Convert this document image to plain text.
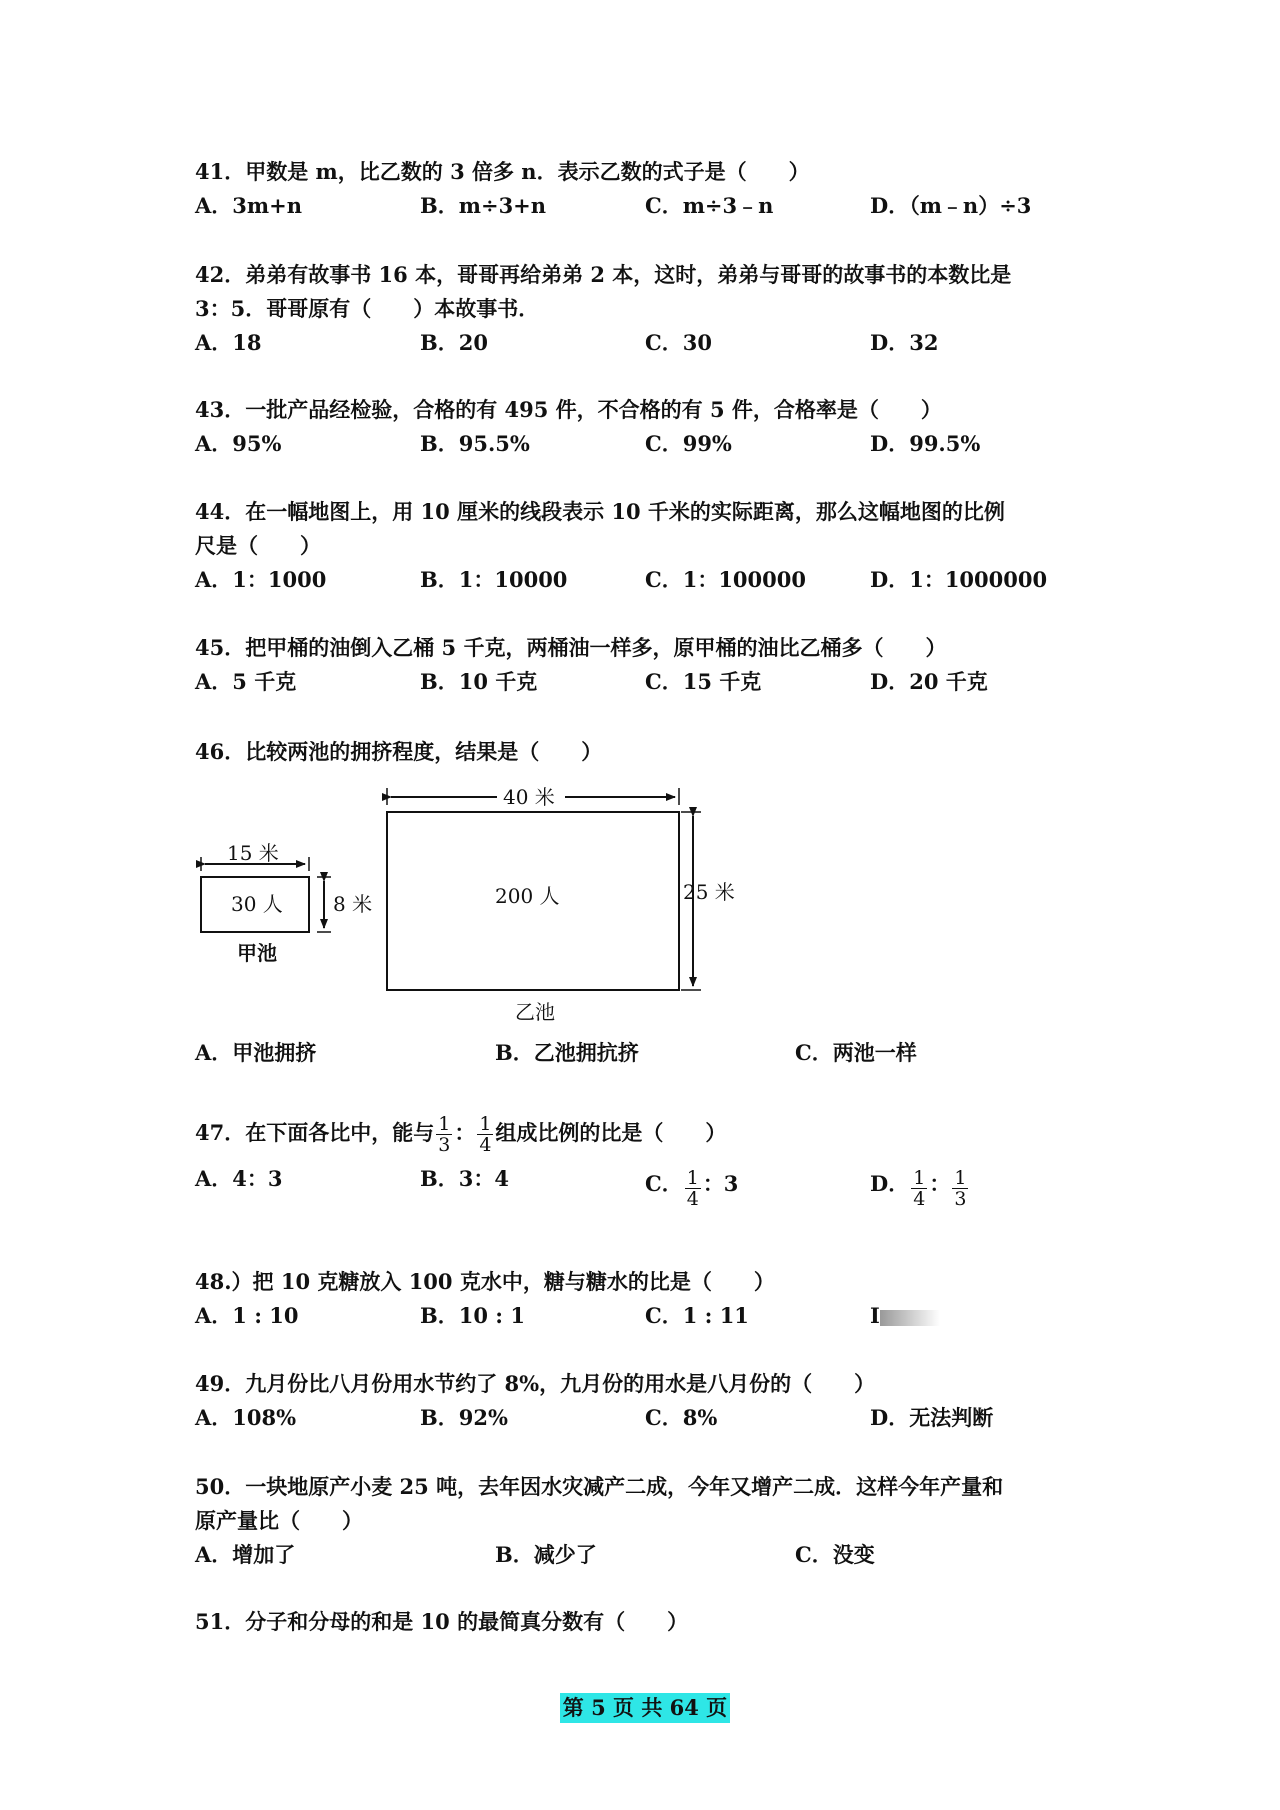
41．甲数是 m，比乙数的 3 倍多 n．表示乙数的式子是（　　）
A．3m+n	B．m÷3+n	C．m÷3﹣n	D．（m﹣n）÷3
42．弟弟有故事书 16 本，哥哥再给弟弟 2 本，这时，弟弟与哥哥的故事书的本数比是
3：5．哥哥原有（　　）本故事书．
A．18	B．20	C．30	D．32
43．一批产品经检验，合格的有 495 件，不合格的有 5 件，合格率是（　　）
A．95%	B．95.5%	C．99%	D．99.5%
44．在一幅地图上，用 10 厘米的线段表示 10 千米的实际距离，那么这幅地图的比例
尺是（　　）
A．1：1000	B．1：10000	C．1：100000	D．1：1000000
45．把甲桶的油倒入乙桶 5 千克，两桶油一样多，原甲桶的油比乙桶多（　　）
A．5 千克	B．10 千克	C．15 千克	D．20 千克
46．比较两池的拥挤程度，结果是（　　）
15 米
8 米
30 人
甲池
40 米
25 米
200 人
乙池
A．甲池拥挤	B．乙池拥抗挤	C．两池一样
47．在下面各比中，能与 $\frac{1}{3}$ ： $\frac{1}{4}$ 组成比例的比是（　　）
A．4：3	B．3：4	C． $\frac{1}{4}$ ：3	D． $\frac{1}{4}$ ： $\frac{1}{3}$
48.）把 10 克糖放入 100 克水中，糖与糖水的比是（　　）
A．1 : 10	B．10 : 1	C．1 : 11	I
49．九月份比八月份用水节约了 8%，九月份的用水是八月份的（　　）
A．108%	B．92%	C．8%	D．无法判断
50．一块地原产小麦 25 吨，去年因水灾减产二成，今年又增产二成．这样今年产量和
原产量比（　　）
A．增加了	B．减少了	C．没变
51．分子和分母的和是 10 的最简真分数有（　　）
第 5 页 共 64 页
